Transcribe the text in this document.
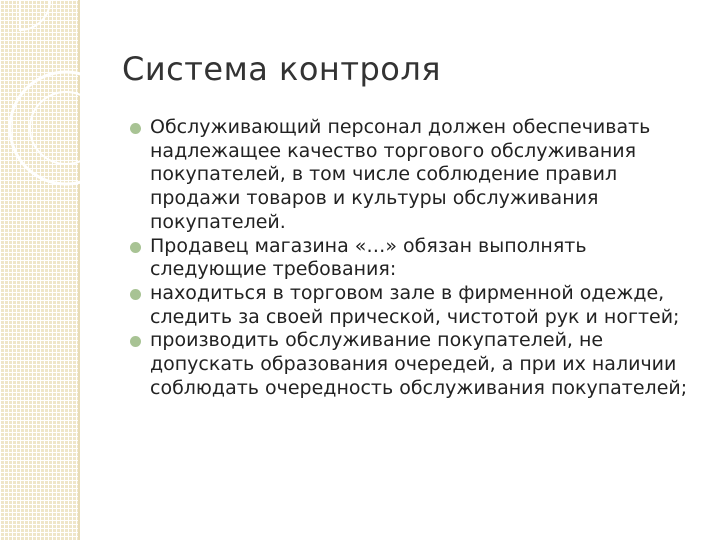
Система контроля
Обслуживающий персонал должен обеспечивать надлежащее качество торгового обслуживания покупателей, в том числе соблюдение правил продажи товаров и культуры обслуживания покупателей.
Продавец магазина «…» обязан выполнять следующие требования:
находиться в торговом зале в фирменной одежде, следить за своей прической, чистотой рук и ногтей;
производить обслуживание покупателей, не допускать образования очередей, а при их наличии соблюдать очередность обслуживания покупателей;
